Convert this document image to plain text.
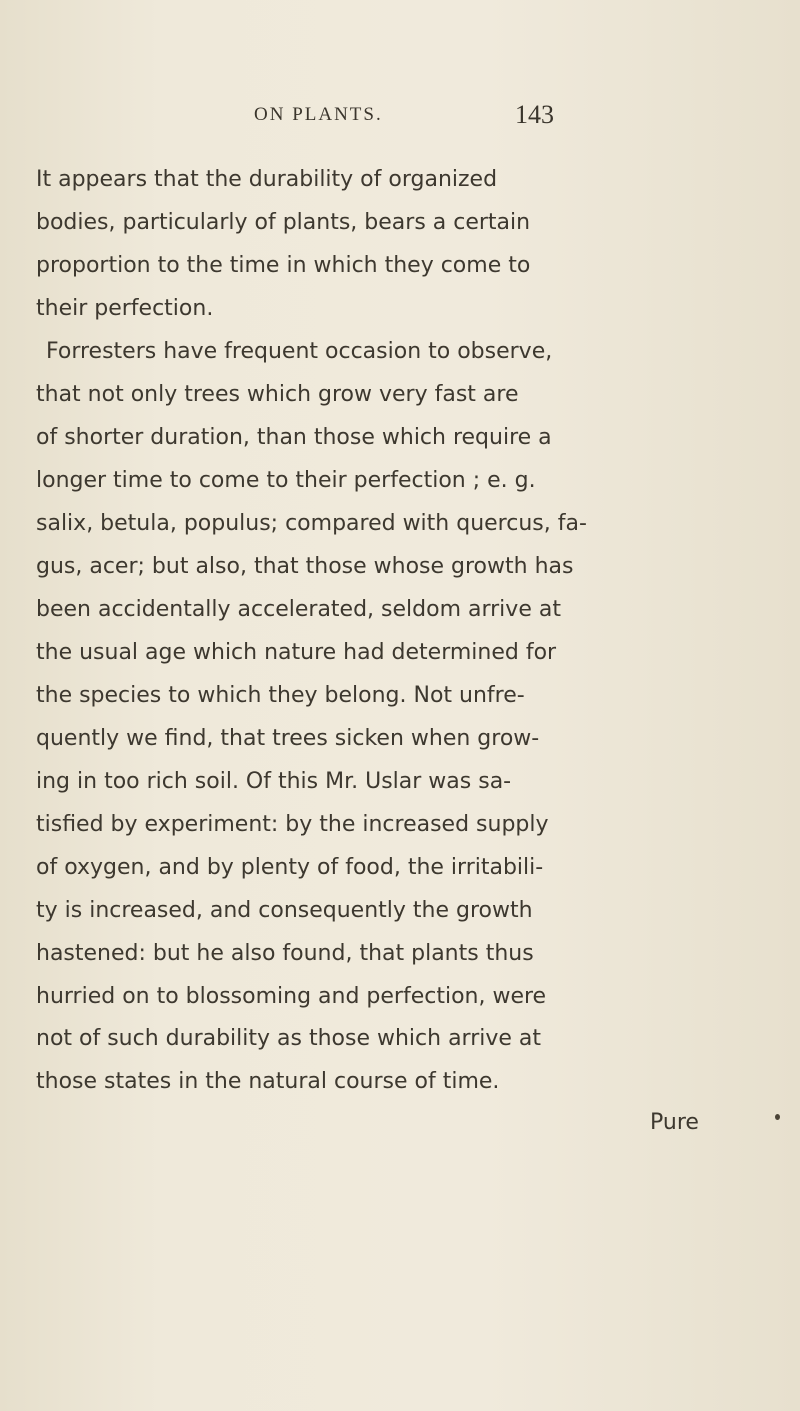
ON PLANTS.	143
It appears that the durability of organized
bodies, particularly of plants, bears a certain
proportion to the time in which they come to
their perfection.
Forresters have frequent occasion to observe,
that not only trees which grow very fast are
of shorter duration, than those which require a
longer time to come to their perfection ; e. g.
salix, betula, populus; compared with quercus, fa-
gus, acer; but also, that those whose growth has
been accidentally accelerated, seldom arrive at
the usual age which nature had determined for
the species to which they belong. Not unfre-
quently we find, that trees sicken when grow-
ing in too rich soil. Of this Mr. Uslar was sa-
tisfied by experiment: by the increased supply
of oxygen, and by plenty of food, the irritabili-
ty is increased, and consequently the growth
hastened: but he also found, that plants thus
hurried on to blossoming and perfection, were
not of such durability as those which arrive at
those states in the natural course of time.
Pure
